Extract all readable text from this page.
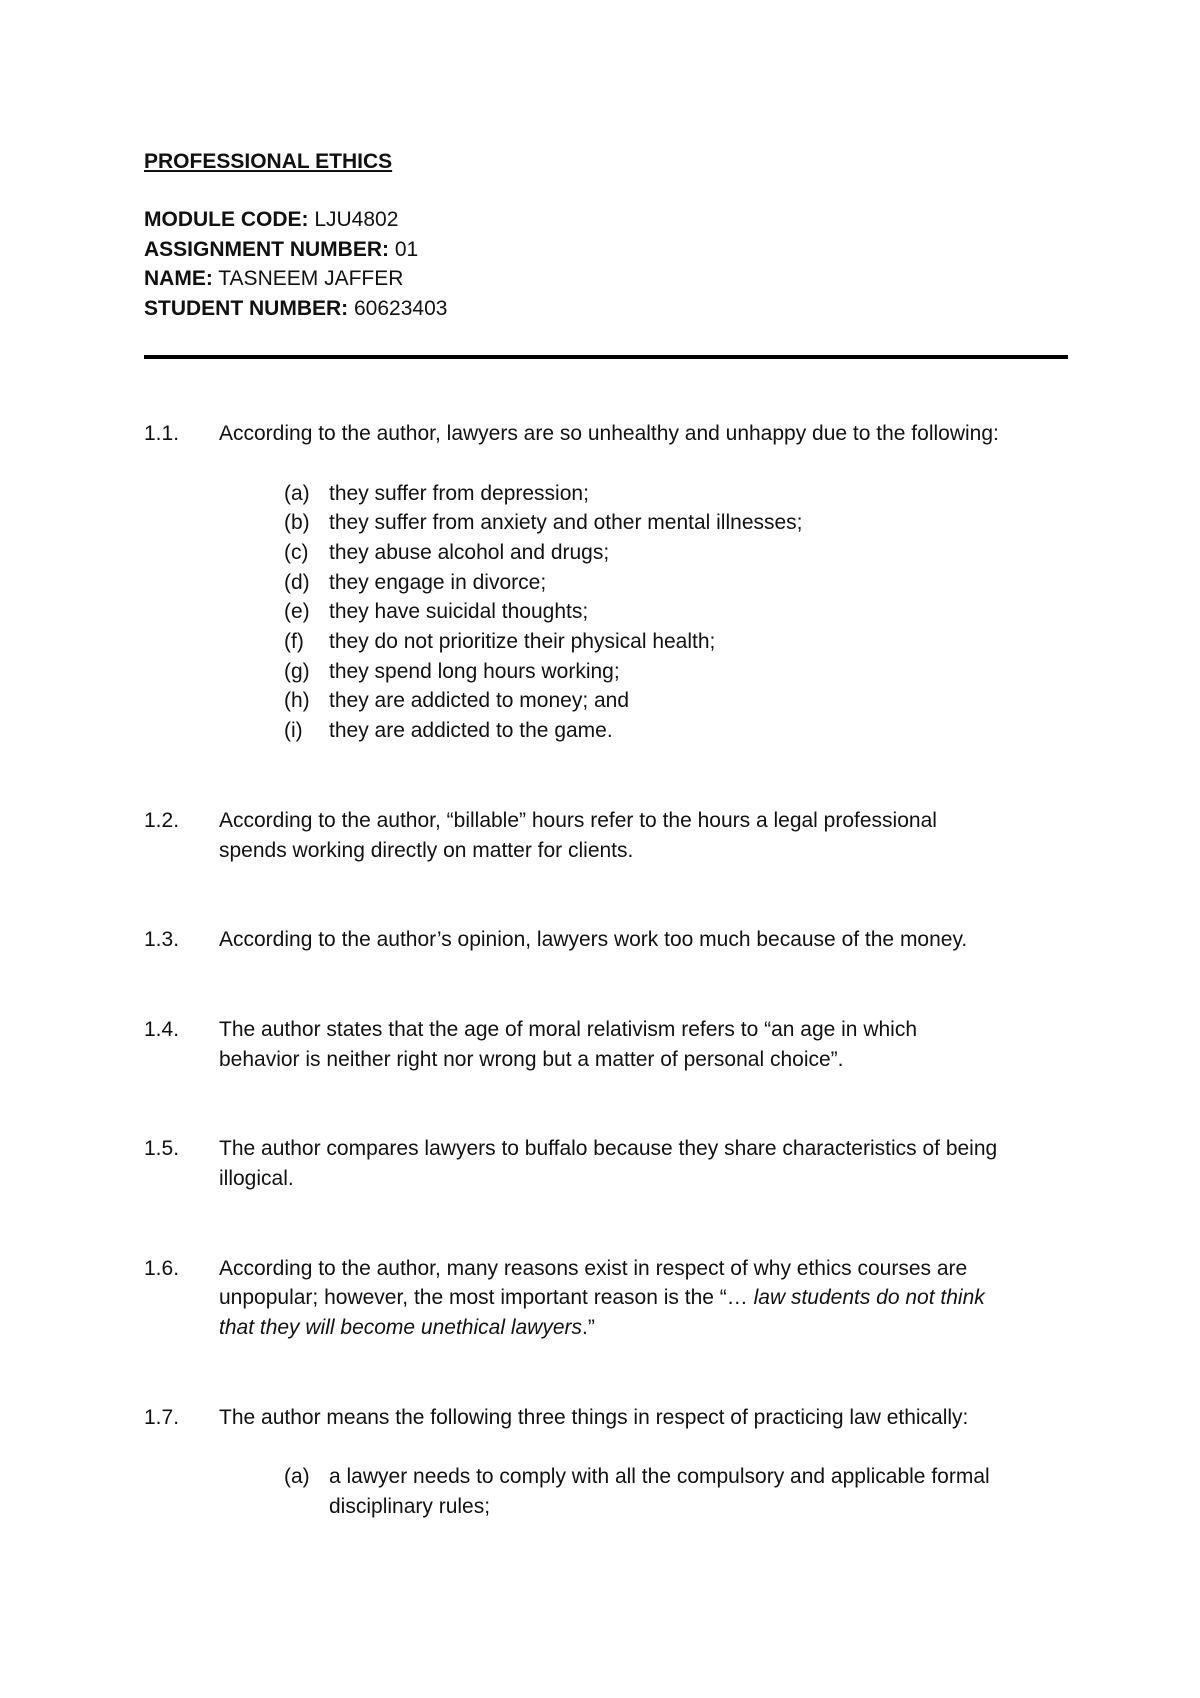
PROFESSIONAL ETHICS
MODULE CODE: LJU4802
ASSIGNMENT NUMBER: 01
NAME: TASNEEM JAFFER
STUDENT NUMBER: 60623403
1.1. According to the author, lawyers are so unhealthy and unhappy due to the following:
(a) they suffer from depression;
(b) they suffer from anxiety and other mental illnesses;
(c) they abuse alcohol and drugs;
(d) they engage in divorce;
(e) they have suicidal thoughts;
(f) they do not prioritize their physical health;
(g) they spend long hours working;
(h) they are addicted to money; and
(i) they are addicted to the game.
1.2. According to the author, “billable” hours refer to the hours a legal professional
spends working directly on matter for clients.
1.3. According to the author’s opinion, lawyers work too much because of the money.
1.4. The author states that the age of moral relativism refers to “an age in which
behavior is neither right nor wrong but a matter of personal choice”.
1.5. The author compares lawyers to buffalo because they share characteristics of being
illogical.
1.6. According to the author, many reasons exist in respect of why ethics courses are
unpopular; however, the most important reason is the “… law students do not think
that they will become unethical lawyers.”
1.7. The author means the following three things in respect of practicing law ethically:
(a) a lawyer needs to comply with all the compulsory and applicable formal
disciplinary rules;
